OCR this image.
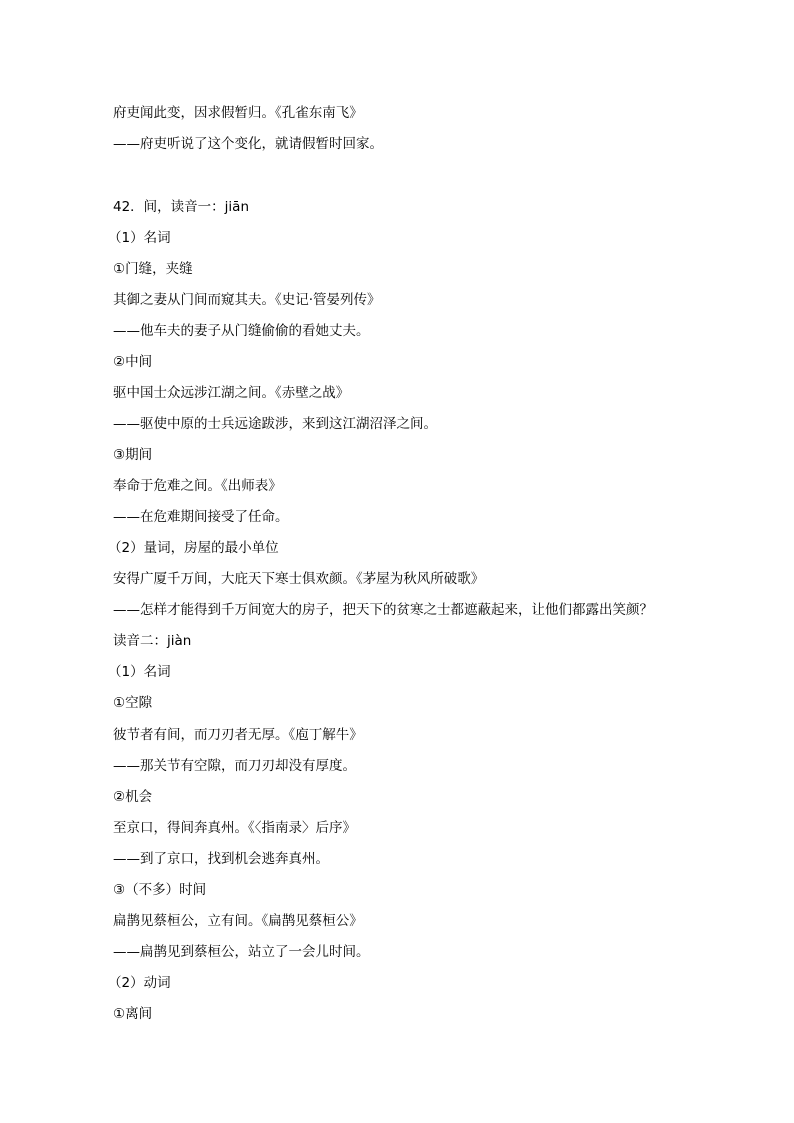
府吏闻此变，因求假暂归。《孔雀东南飞》
——府吏听说了这个变化，就请假暂时回家。
42．间，读音一：jiān
（1）名词
①门缝，夹缝
其御之妻从门间而窥其夫。《史记·管晏列传》
——他车夫的妻子从门缝偷偷的看她丈夫。
②中间
驱中国士众远涉江湖之间。《赤壁之战》
——驱使中原的士兵远途跋涉，来到这江湖沼泽之间。
③期间
奉命于危难之间。《出师表》
——在危难期间接受了任命。
（2）量词，房屋的最小单位
安得广厦千万间，大庇天下寒士俱欢颜。《茅屋为秋风所破歌》
——怎样才能得到千万间宽大的房子，把天下的贫寒之士都遮蔽起来，让他们都露出笑颜？
读音二：jiàn
（1）名词
①空隙
彼节者有间，而刀刃者无厚。《庖丁解牛》
——那关节有空隙，而刀刃却没有厚度。
②机会
至京口，得间奔真州。《〈指南录〉后序》
——到了京口，找到机会逃奔真州。
③（不多）时间
扁鹊见蔡桓公，立有间。《扁鹊见蔡桓公》
——扁鹊见到蔡桓公，站立了一会儿时间。
（2）动词
①离间
